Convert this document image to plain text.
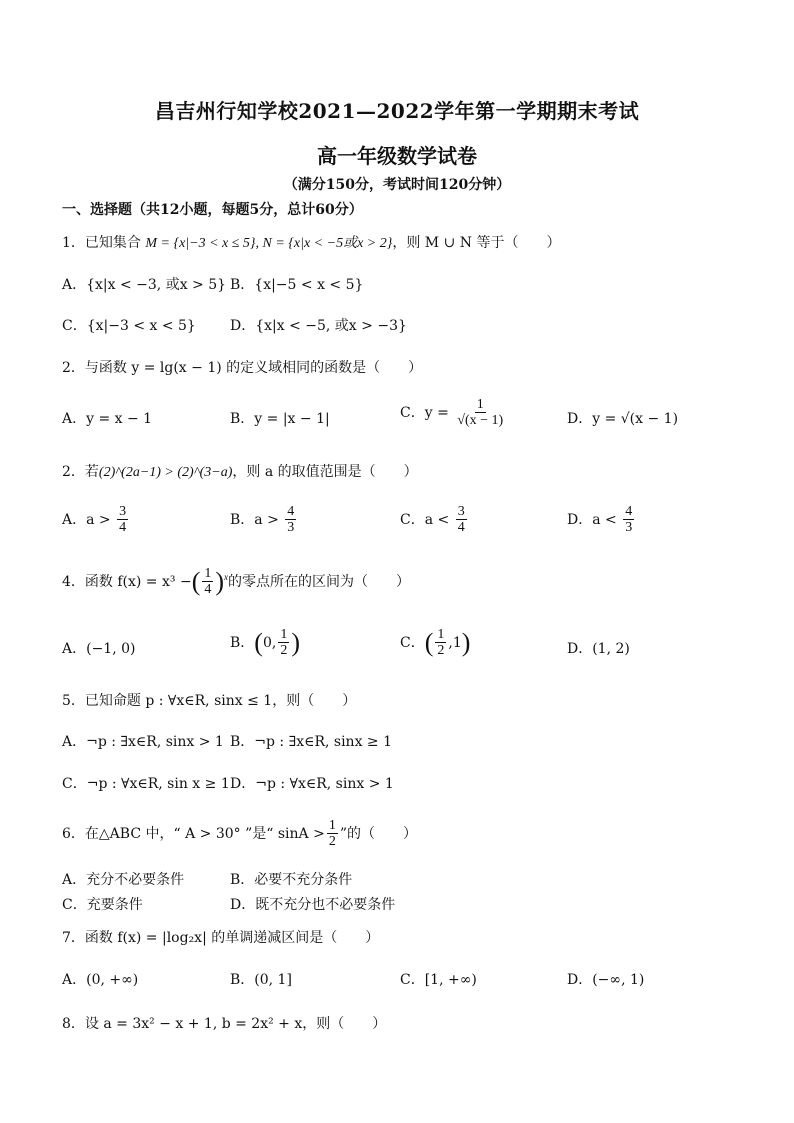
昌吉州行知学校2021—2022学年第一学期期末考试
高一年级数学试卷
（满分150分，考试时间120分钟）
一、选择题（共12小题，每题5分，总计60分）
1．已知集合 M = {x|−3 < x ≤ 5}, N = {x|x < −5或x > 2}，则 M ∪ N 等于（　　）
A．{x|x < −3, 或x > 5} B．{x|−5 < x < 5}
C．{x|−3 < x < 5} D．{x|x < −5, 或x > −3}
2．与函数 y = lg(x − 1) 的定义域相同的函数是（　　）
A．y = x − 1	B．y = |x − 1|	C．$y = \frac{1}{√(x - 1)}$	D．y = √(x − 1)
2．若(2)^(2a−1) > (2)^(3−a)，则 a 的取值范围是（　　）
A．$a > \frac{3}{4}$	B．$a > \frac{4}{3}$	C．$a < \frac{3}{4}$	D．$a < \frac{4}{3}$
4．函数 f(x) = x³ −( $\frac{1}{4} )^x$的零点所在的区间为（　　）
A．(−1, 0)	B．(0, $\frac{1}{2}$ )	C．( $\frac{1}{2} ,1$)	D．(1, 2)
5．已知命题 p : ∀x∈R, sinx ≤ 1，则（　　）
A．¬p : ∃x∈R, sinx > 1 B．¬p : ∃x∈R, sinx ≥ 1
C．¬p : ∀x∈R, sin x ≥ 1 D．¬p : ∀x∈R, sinx > 1
6．在△ABC 中，“ A > 30° ”是“ $\sin A > \frac{1}{2}$ ”的（　　）
A．充分不必要条件	B．必要不充分条件
C．充要条件	D．既不充分也不必要条件
7．函数 f(x) = |log₂x| 的单调递减区间是（　　）
A．(0, +∞)	B．(0, 1]	C．[1, +∞)	D．(−∞, 1)
8．设 a = 3x² − x + 1, b = 2x² + x，则（　　）
